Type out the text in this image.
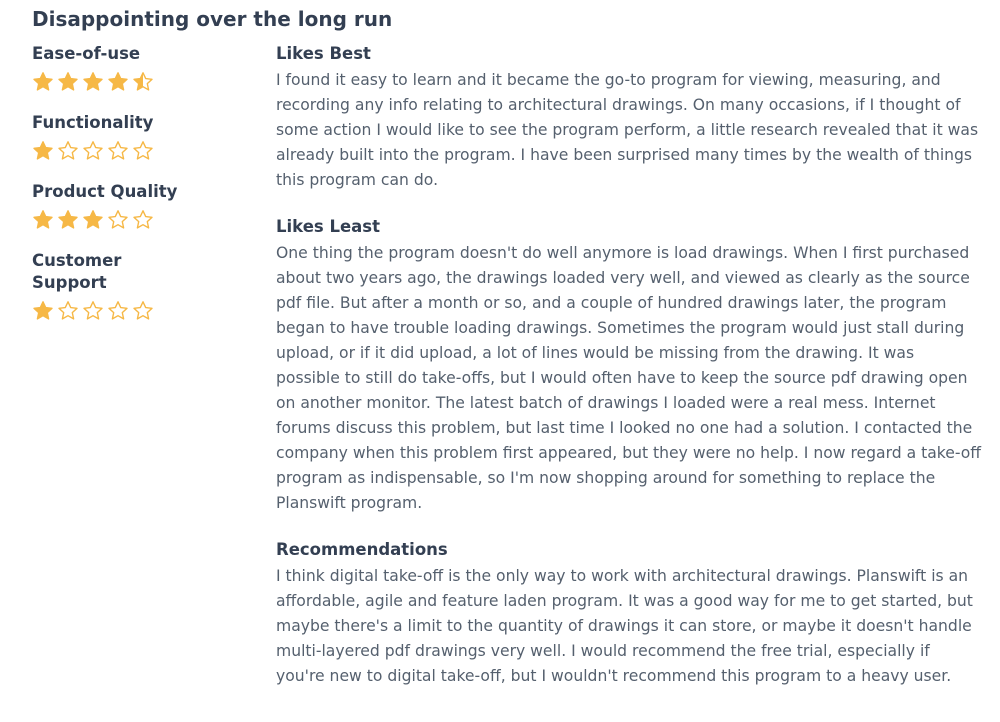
Disappointing over the long run
Ease-of-use
Functionality
Product Quality
Customer Support
Likes Best

I found it easy to learn and it became the go-to program for viewing, measuring, and recording any info relating to architectural drawings. On many occasions, if I thought of some action I would like to see the program perform, a little research revealed that it was already built into the program. I have been surprised many times by the wealth of things this program can do.

Likes Least

One thing the program doesn't do well anymore is load drawings. When I first purchased about two years ago, the drawings loaded very well, and viewed as clearly as the source pdf file. But after a month or so, and a couple of hundred drawings later, the program began to have trouble loading drawings. Sometimes the program would just stall during upload, or if it did upload, a lot of lines would be missing from the drawing. It was possible to still do take-offs, but I would often have to keep the source pdf drawing open on another monitor. The latest batch of drawings I loaded were a real mess. Internet forums discuss this problem, but last time I looked no one had a solution. I contacted the company when this problem first appeared, but they were no help. I now regard a take-off program as indispensable, so I'm now shopping around for something to replace the Planswift program.

Recommendations

I think digital take-off is the only way to work with architectural drawings. Planswift is an affordable, agile and feature laden program. It was a good way for me to get started, but maybe there's a limit to the quantity of drawings it can store, or maybe it doesn't handle multi-layered pdf drawings very well. I would recommend the free trial, especially if you're new to digital take-off, but I wouldn't recommend this program to a heavy user.
